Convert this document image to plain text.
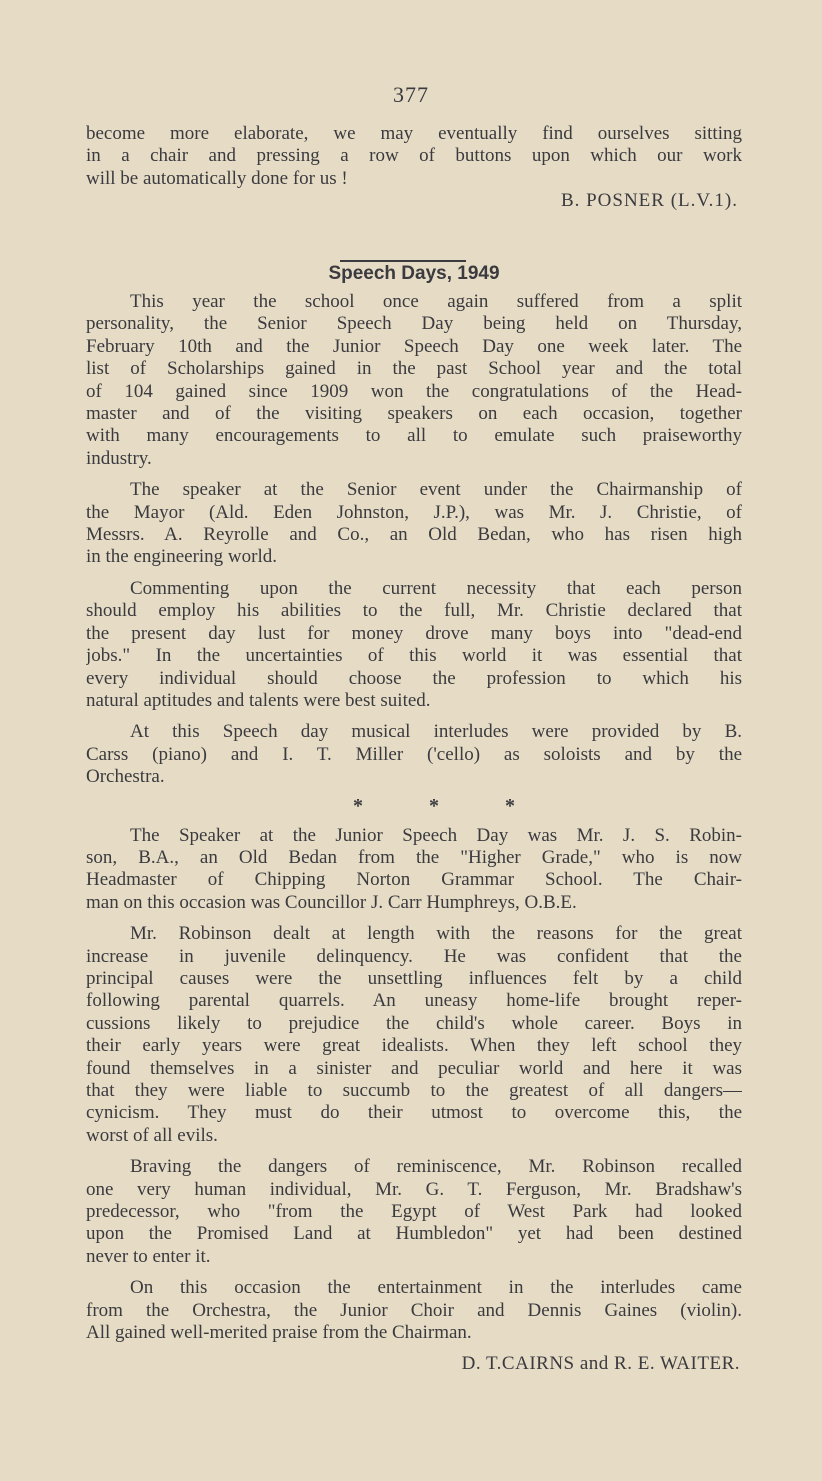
377
become more elaborate, we may eventually find ourselves sitting
in a chair and pressing a row of buttons upon which our work
will be automatically done for us !
B. POSNER (L.V.1).
Speech Days, 1949
This year the school once again suffered from a split
personality, the Senior Speech Day being held on Thursday,
February 10th and the Junior Speech Day one week later. The
list of Scholarships gained in the past School year and the total
of 104 gained since 1909 won the congratulations of the Head-
master and of the visiting speakers on each occasion, together
with many encouragements to all to emulate such praiseworthy
industry.
The speaker at the Senior event under the Chairmanship of
the Mayor (Ald. Eden Johnston, J.P.), was Mr. J. Christie, of
Messrs. A. Reyrolle and Co., an Old Bedan, who has risen high
in the engineering world.
Commenting upon the current necessity that each person
should employ his abilities to the full, Mr. Christie declared that
the present day lust for money drove many boys into "dead-end
jobs." In the uncertainties of this world it was essential that
every individual should choose the profession to which his
natural aptitudes and talents were best suited.
At this Speech day musical interludes were provided by B.
Carss (piano) and I. T. Miller ('cello) as soloists and by the
Orchestra.
*	*	*
The Speaker at the Junior Speech Day was Mr. J. S. Robin-
son, B.A., an Old Bedan from the "Higher Grade," who is now
Headmaster of Chipping Norton Grammar School. The Chair-
man on this occasion was Councillor J. Carr Humphreys, O.B.E.
Mr. Robinson dealt at length with the reasons for the great
increase in juvenile delinquency. He was confident that the
principal causes were the unsettling influences felt by a child
following parental quarrels. An uneasy home-life brought reper-
cussions likely to prejudice the child's whole career. Boys in
their early years were great idealists. When they left school they
found themselves in a sinister and peculiar world and here it was
that they were liable to succumb to the greatest of all dangers—
cynicism. They must do their utmost to overcome this, the
worst of all evils.
Braving the dangers of reminiscence, Mr. Robinson recalled
one very human individual, Mr. G. T. Ferguson, Mr. Bradshaw's
predecessor, who "from the Egypt of West Park had looked
upon the Promised Land at Humbledon" yet had been destined
never to enter it.
On this occasion the entertainment in the interludes came
from the Orchestra, the Junior Choir and Dennis Gaines (violin).
All gained well-merited praise from the Chairman.
D. T.CAIRNS and R. E. WAITER.
